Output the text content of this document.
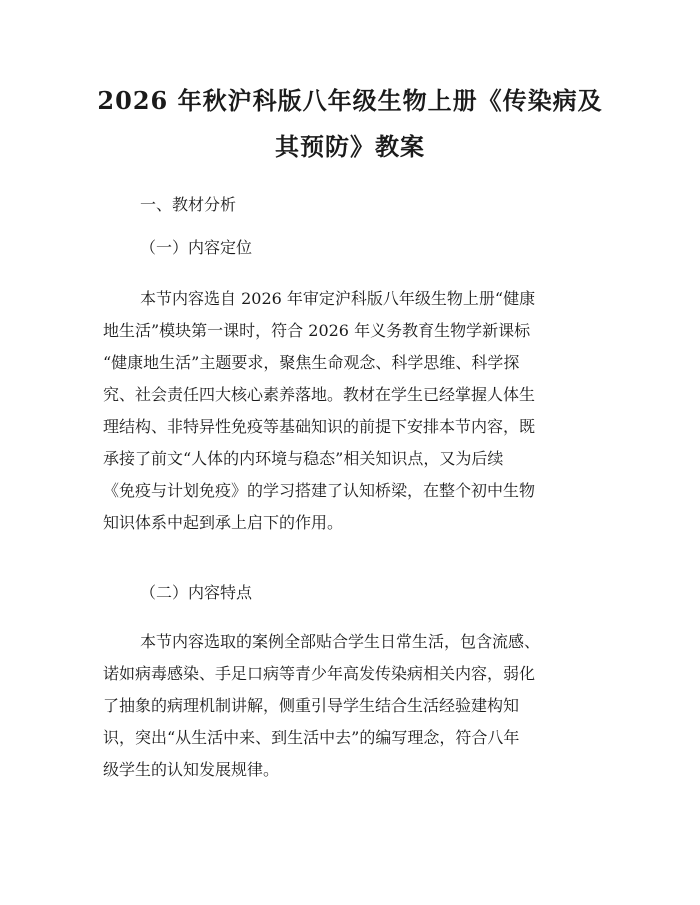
2026 年秋沪科版八年级生物上册《传染病及
其预防》教案

一、教材分析

（一）内容定位

本节内容选自 2026 年审定沪科版八年级生物上册“健康
地生活”模块第一课时，符合 2026 年义务教育生物学新课标
“健康地生活”主题要求，聚焦生命观念、科学思维、科学探
究、社会责任四大核心素养落地。教材在学生已经掌握人体生
理结构、非特异性免疫等基础知识的前提下安排本节内容，既
承接了前文“人体的内环境与稳态”相关知识点，又为后续
《免疫与计划免疫》的学习搭建了认知桥梁，在整个初中生物
知识体系中起到承上启下的作用。

（二）内容特点

本节内容选取的案例全部贴合学生日常生活，包含流感、
诺如病毒感染、手足口病等青少年高发传染病相关内容，弱化
了抽象的病理机制讲解，侧重引导学生结合生活经验建构知
识，突出“从生活中来、到生活中去”的编写理念，符合八年
级学生的认知发展规律。
